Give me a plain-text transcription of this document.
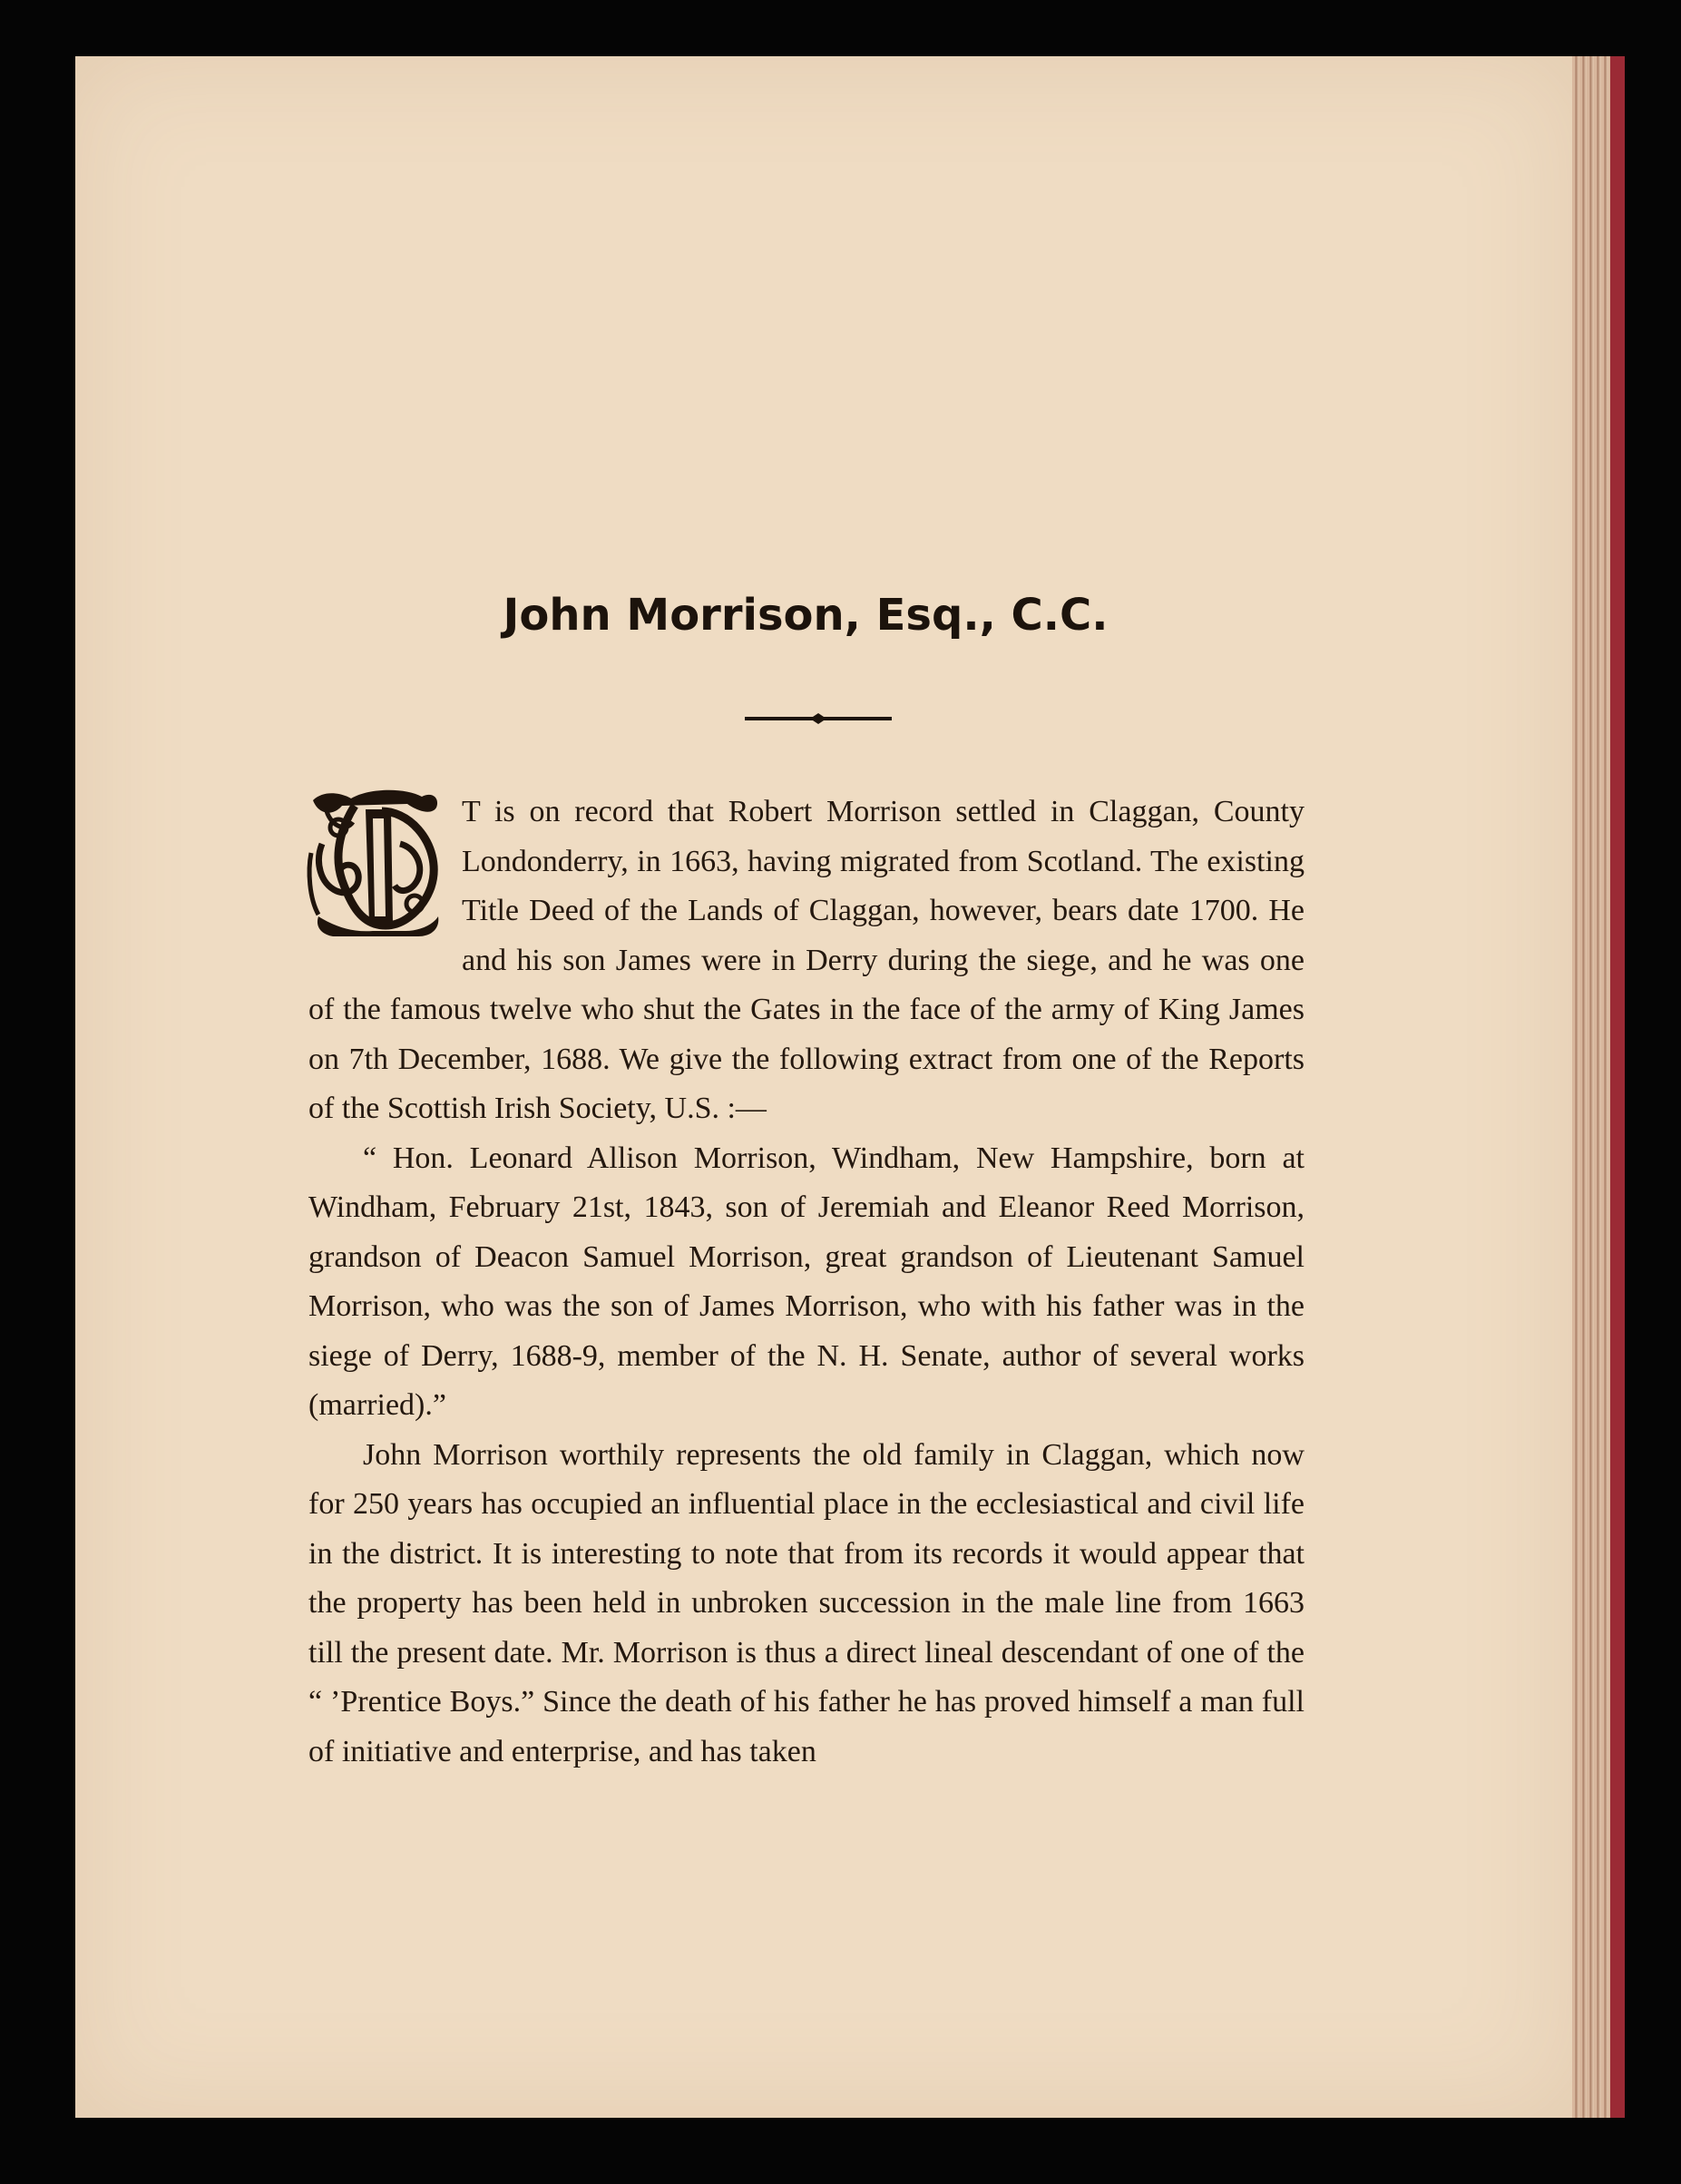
John Morrison, Esq., C.C.

T is on record that Robert Morrison settled in Claggan, County Londonderry, in 1663, having migrated from Scotland. The existing Title Deed of the Lands of Claggan, however, bears date 1700. He and his son James were in Derry during the siege, and he was one of the famous twelve who shut the Gates in the face of the army of King James on 7th December, 1688. We give the following extract from one of the Reports of the Scottish Irish Society, U.S. :—

“ Hon. Leonard Allison Morrison, Windham, New Hampshire, born at Windham, February 21st, 1843, son of Jeremiah and Eleanor Reed Morrison, grandson of Deacon Samuel Morrison, great grandson of Lieutenant Samuel Morrison, who was the son of James Morrison, who with his father was in the siege of Derry, 1688-9, member of the N. H. Senate, author of several works (married).”

John Morrison worthily represents the old family in Claggan, which now for 250 years has occupied an influential place in the ecclesiastical and civil life in the district. It is interesting to note that from its records it would appear that the property has been held in unbroken succession in the male line from 1663 till the present date. Mr. Morrison is thus a direct lineal descendant of one of the “ ’Prentice Boys.” Since the death of his father he has proved himself a man full of initiative and enterprise, and has taken
